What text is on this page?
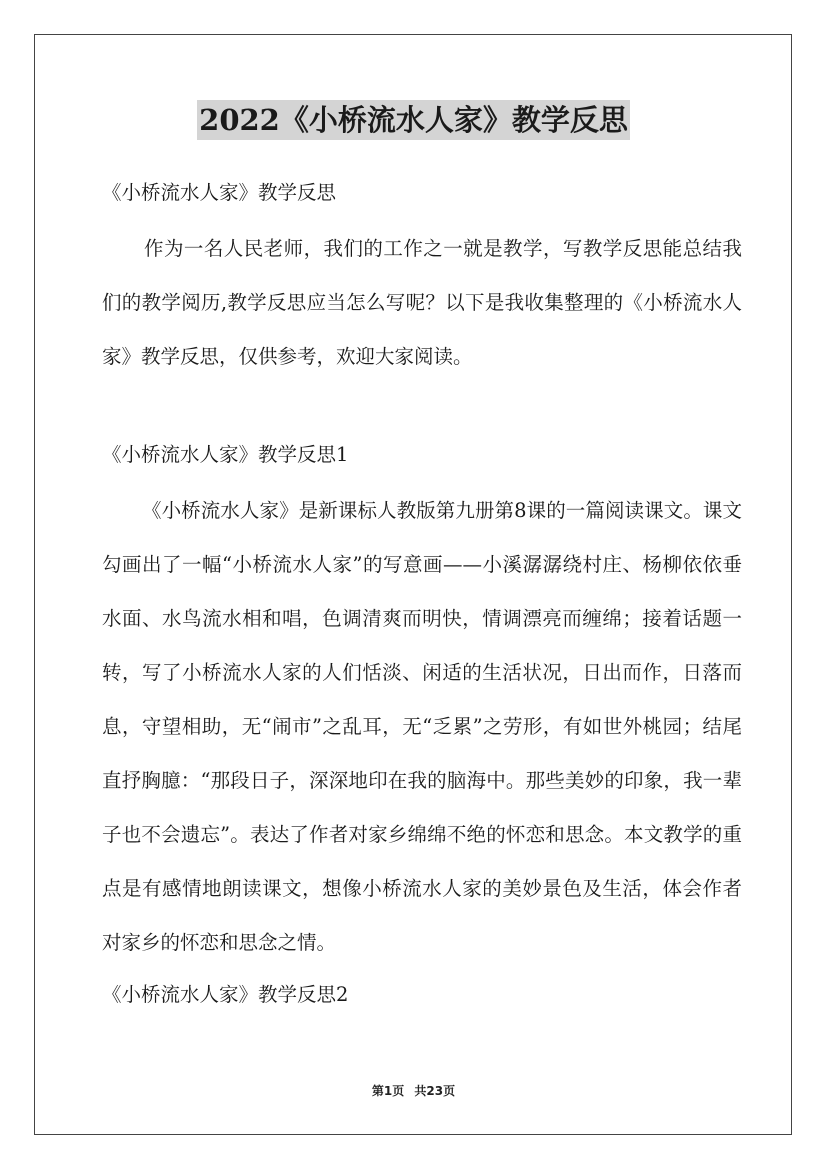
2022《小桥流水人家》教学反思

《小桥流水人家》教学反思

作为一名人民老师，我们的工作之一就是教学，写教学反思能总结我们的教学阅历,教学反思应当怎么写呢？以下是我收集整理的《小桥流水人家》教学反思，仅供参考，欢迎大家阅读。

《小桥流水人家》教学反思1

《小桥流水人家》是新课标人教版第九册第8课的一篇阅读课文。课文勾画出了一幅“小桥流水人家”的写意画——小溪潺潺绕村庄、杨柳依依垂水面、水鸟流水相和唱，色调清爽而明快，情调漂亮而缠绵；接着话题一转，写了小桥流水人家的人们恬淡、闲适的生活状况，日出而作，日落而息，守望相助，无“闹市”之乱耳，无“乏累”之劳形，有如世外桃园；结尾直抒胸臆：“那段日子，深深地印在我的脑海中。那些美妙的印象，我一辈子也不会遗忘”。表达了作者对家乡绵绵不绝的怀恋和思念。本文教学的重点是有感情地朗读课文，想像小桥流水人家的美妙景色及生活，体会作者对家乡的怀恋和思念之情。

《小桥流水人家》教学反思2

第1页 共23页
